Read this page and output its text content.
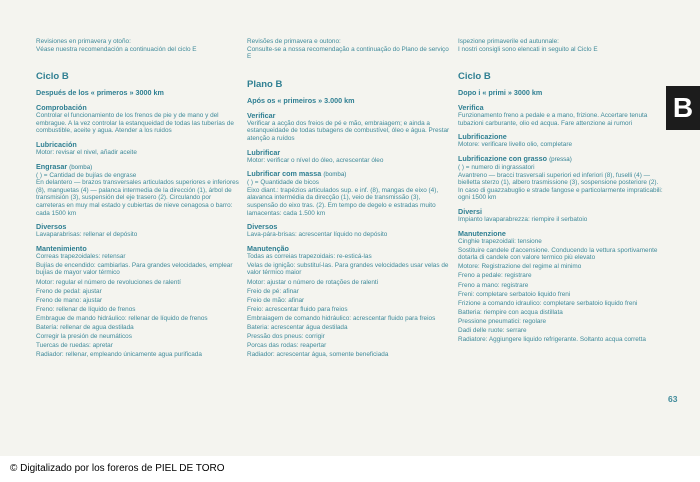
Revisiones en primavera y otoño:

Véase nuestra recomendación a continuación del ciclo E

Ciclo B
Después de los « primeros » 3000 km
Comprobación

Controlar el funcionamiento de los frenos de pie y de mano y del embrague. A la vez controlar la estanqueidad de todas las tuberías de combustible, aceite y agua. Atender a los ruidos

Lubricación

Motor: revisar el nivel, añadir aceite

Engrasar (bomba)

( ) = Cantidad de bujías de engrase

En delantero — brazos transversales articulados superiores e inferiores (8), manguetas (4) — palanca intermedia de la dirección (1), árbol de transmisión (3), suspensión del eje trasero (2). Circulando por carreteras en muy mal estado y cubiertas de nieve cenagosa o barro: cada 1500 km

Diversos

Lavaparabrisas: rellenar el depósito

Mantenimiento

Correas trapezoidales: retensar

Bujías de encendido: cambiarlas. Para grandes velocidades, emplear bujías de mayor valor térmico

Motor: regular el número de revoluciones de ralentí

Freno de pedal: ajustar

Freno de mano: ajustar

Freno: rellenar de líquido de frenos

Embrague de mando hidráulico: rellenar de líquido de frenos

Batería: rellenar de agua destilada

Corregir la presión de neumáticos

Tuercas de ruedas: apretar

Radiador: rellenar, empleando únicamente agua purificada

Revisões de primavera e outono:

Consulte-se a nossa recomendação a continuação do Plano de serviço E

Plano B
Após os « primeiros » 3.000 km
Verificar

Verificar a acção dos freios de pé e mão, embraiagem; e ainda a estanqueidade de todas tubagens de combustível, óleo e água. Prestar atenção a ruídos

Lubrificar

Motor: verificar o nível do óleo, acrescentar óleo

Lubrificar com massa (bomba)

( ) = Quantidade de bicos

Eixo diant.: trapézios articulados sup. e inf. (8), mangas de eixo (4), alavanca intermédia da direcção (1), veio de transmissão (3), suspensão do eixo tras. (2). Em tempo de degelo e estradas muito lamacentas: cada 1.500 km

Diversos

Lava-pára-brisas: acrescentar líquido no depósito

Manutenção

Todas as correias trapezoidais: re-esticá-las

Velas de ignição: substituí-las. Para grandes velocidades usar velas de valor térmico maior

Motor: ajustar o número de rotações de ralenti

Freio de pé: afinar

Freio de mão: afinar

Freio: acrescentar fluido para freios

Embraiagem de comando hidráulico: acrescentar fluido para freios

Bateria: acrescentar água destilada

Pressão dos pneus: corrigir

Porcas das rodas: reapertar

Radiador: acrescentar água, somente beneficiada

Ispezione primaverile ed autunnale:

I nostri consigli sono elencati in seguito al Ciclo E

Ciclo B
Dopo i « primi » 3000 km
Verifica

Funzionamento freno a pedale e a mano, frizione. Accertare tenuta tubazioni carburante, olio ed acqua. Fare attenzione ai rumori

Lubrificazione

Motore: verificare livello olio, completare

Lubrificazione con grasso (pressa)

( ) = numero di ingrassatori

Avantreno — bracci trasversali superiori ed inferiori (8), fuselli (4) — bielletta sterzo (1), albero trasmissione (3), sospensione posteriore (2). In caso di guazzabuglio e strade fangose e particolarmente impraticabili: ogni 1500 km

Diversi

Impianto lavaparabrezza: riempire il serbatoio

Manutenzione

Cinghie trapezoidali: tensione

Sostituire candele d'accensione. Conducendo la vettura sportivamente dotarla di candele con valore termico più elevato

Motore: Registrazione del regime al minimo

Freno a pedale: registrare

Freno a mano: registrare

Freni: completare serbatoio liquido freni

Frizione a comando idraulico: completare serbatoio liquido freni

Batteria: riempire con acqua distillata

Pressione pneumatici: regolare

Dadi delle ruote: serrare

Radiatore: Aggiungere liquido refrigerante. Soltanto acqua corretta

B
63
© Digitalizado por los foreros de PIEL DE TORO
